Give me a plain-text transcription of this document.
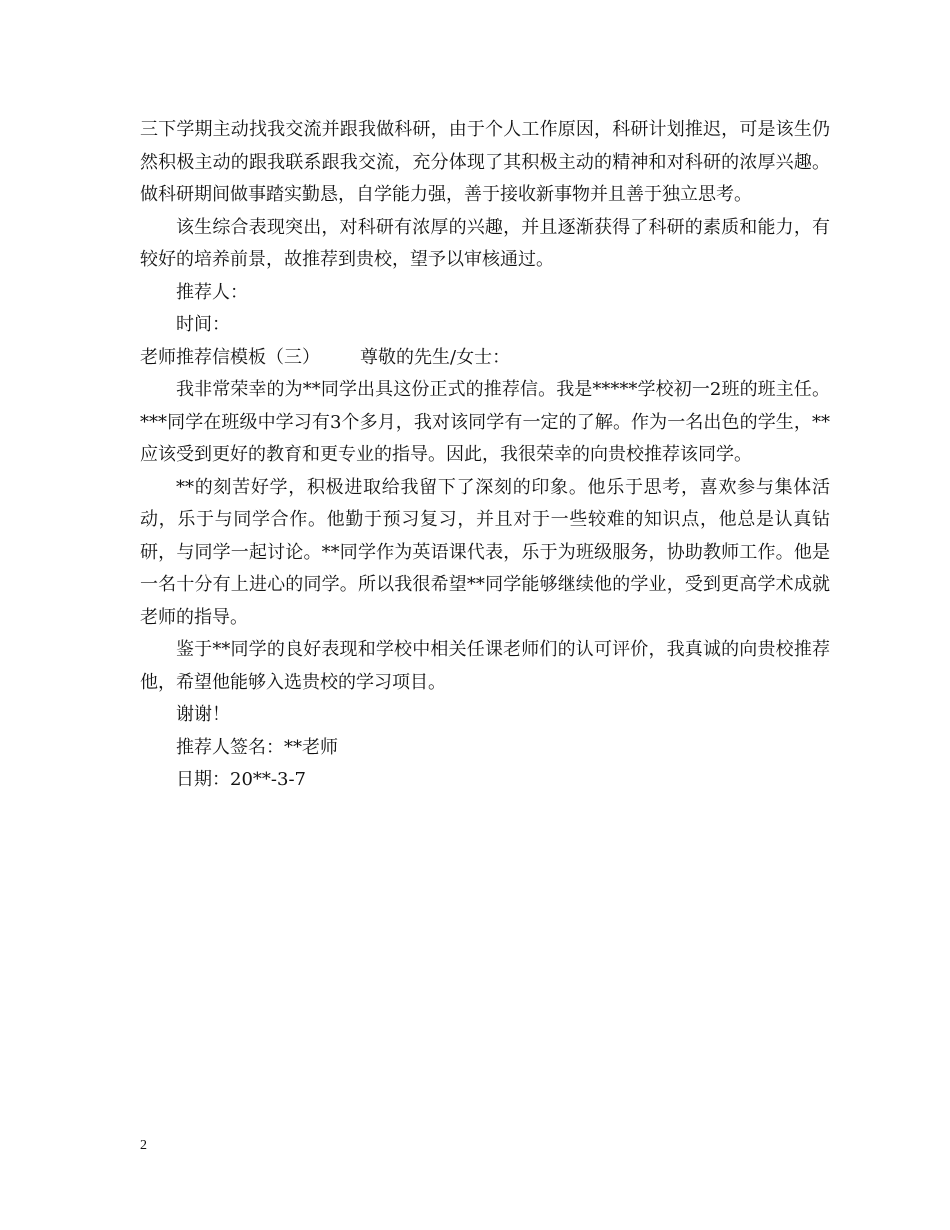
三下学期主动找我交流并跟我做科研，由于个人工作原因，科研计划推迟，可是该生仍然积极主动的跟我联系跟我交流，充分体现了其积极主动的精神和对科研的浓厚兴趣。做科研期间做事踏实勤恳，自学能力强，善于接收新事物并且善于独立思考。

该生综合表现突出，对科研有浓厚的兴趣，并且逐渐获得了科研的素质和能力，有较好的培养前景，故推荐到贵校，望予以审核通过。

推荐人：

时间：

老师推荐信模板（三） 尊敬的先生/女士：

我非常荣幸的为**同学出具这份正式的推荐信。我是*****学校初一2班的班主任。***同学在班级中学习有3个多月，我对该同学有一定的了解。作为一名出色的学生，**应该受到更好的教育和更专业的指导。因此，我很荣幸的向贵校推荐该同学。

**的刻苦好学，积极进取给我留下了深刻的印象。他乐于思考，喜欢参与集体活动，乐于与同学合作。他勤于预习复习，并且对于一些较难的知识点，他总是认真钻研，与同学一起讨论。**同学作为英语课代表，乐于为班级服务，协助教师工作。他是一名十分有上进心的同学。所以我很希望**同学能够继续他的学业，受到更高学术成就老师的指导。

鉴于**同学的良好表现和学校中相关任课老师们的认可评价，我真诚的向贵校推荐他，希望他能够入选贵校的学习项目。

谢谢！

推荐人签名：**老师

日期：20**-3-7

2
